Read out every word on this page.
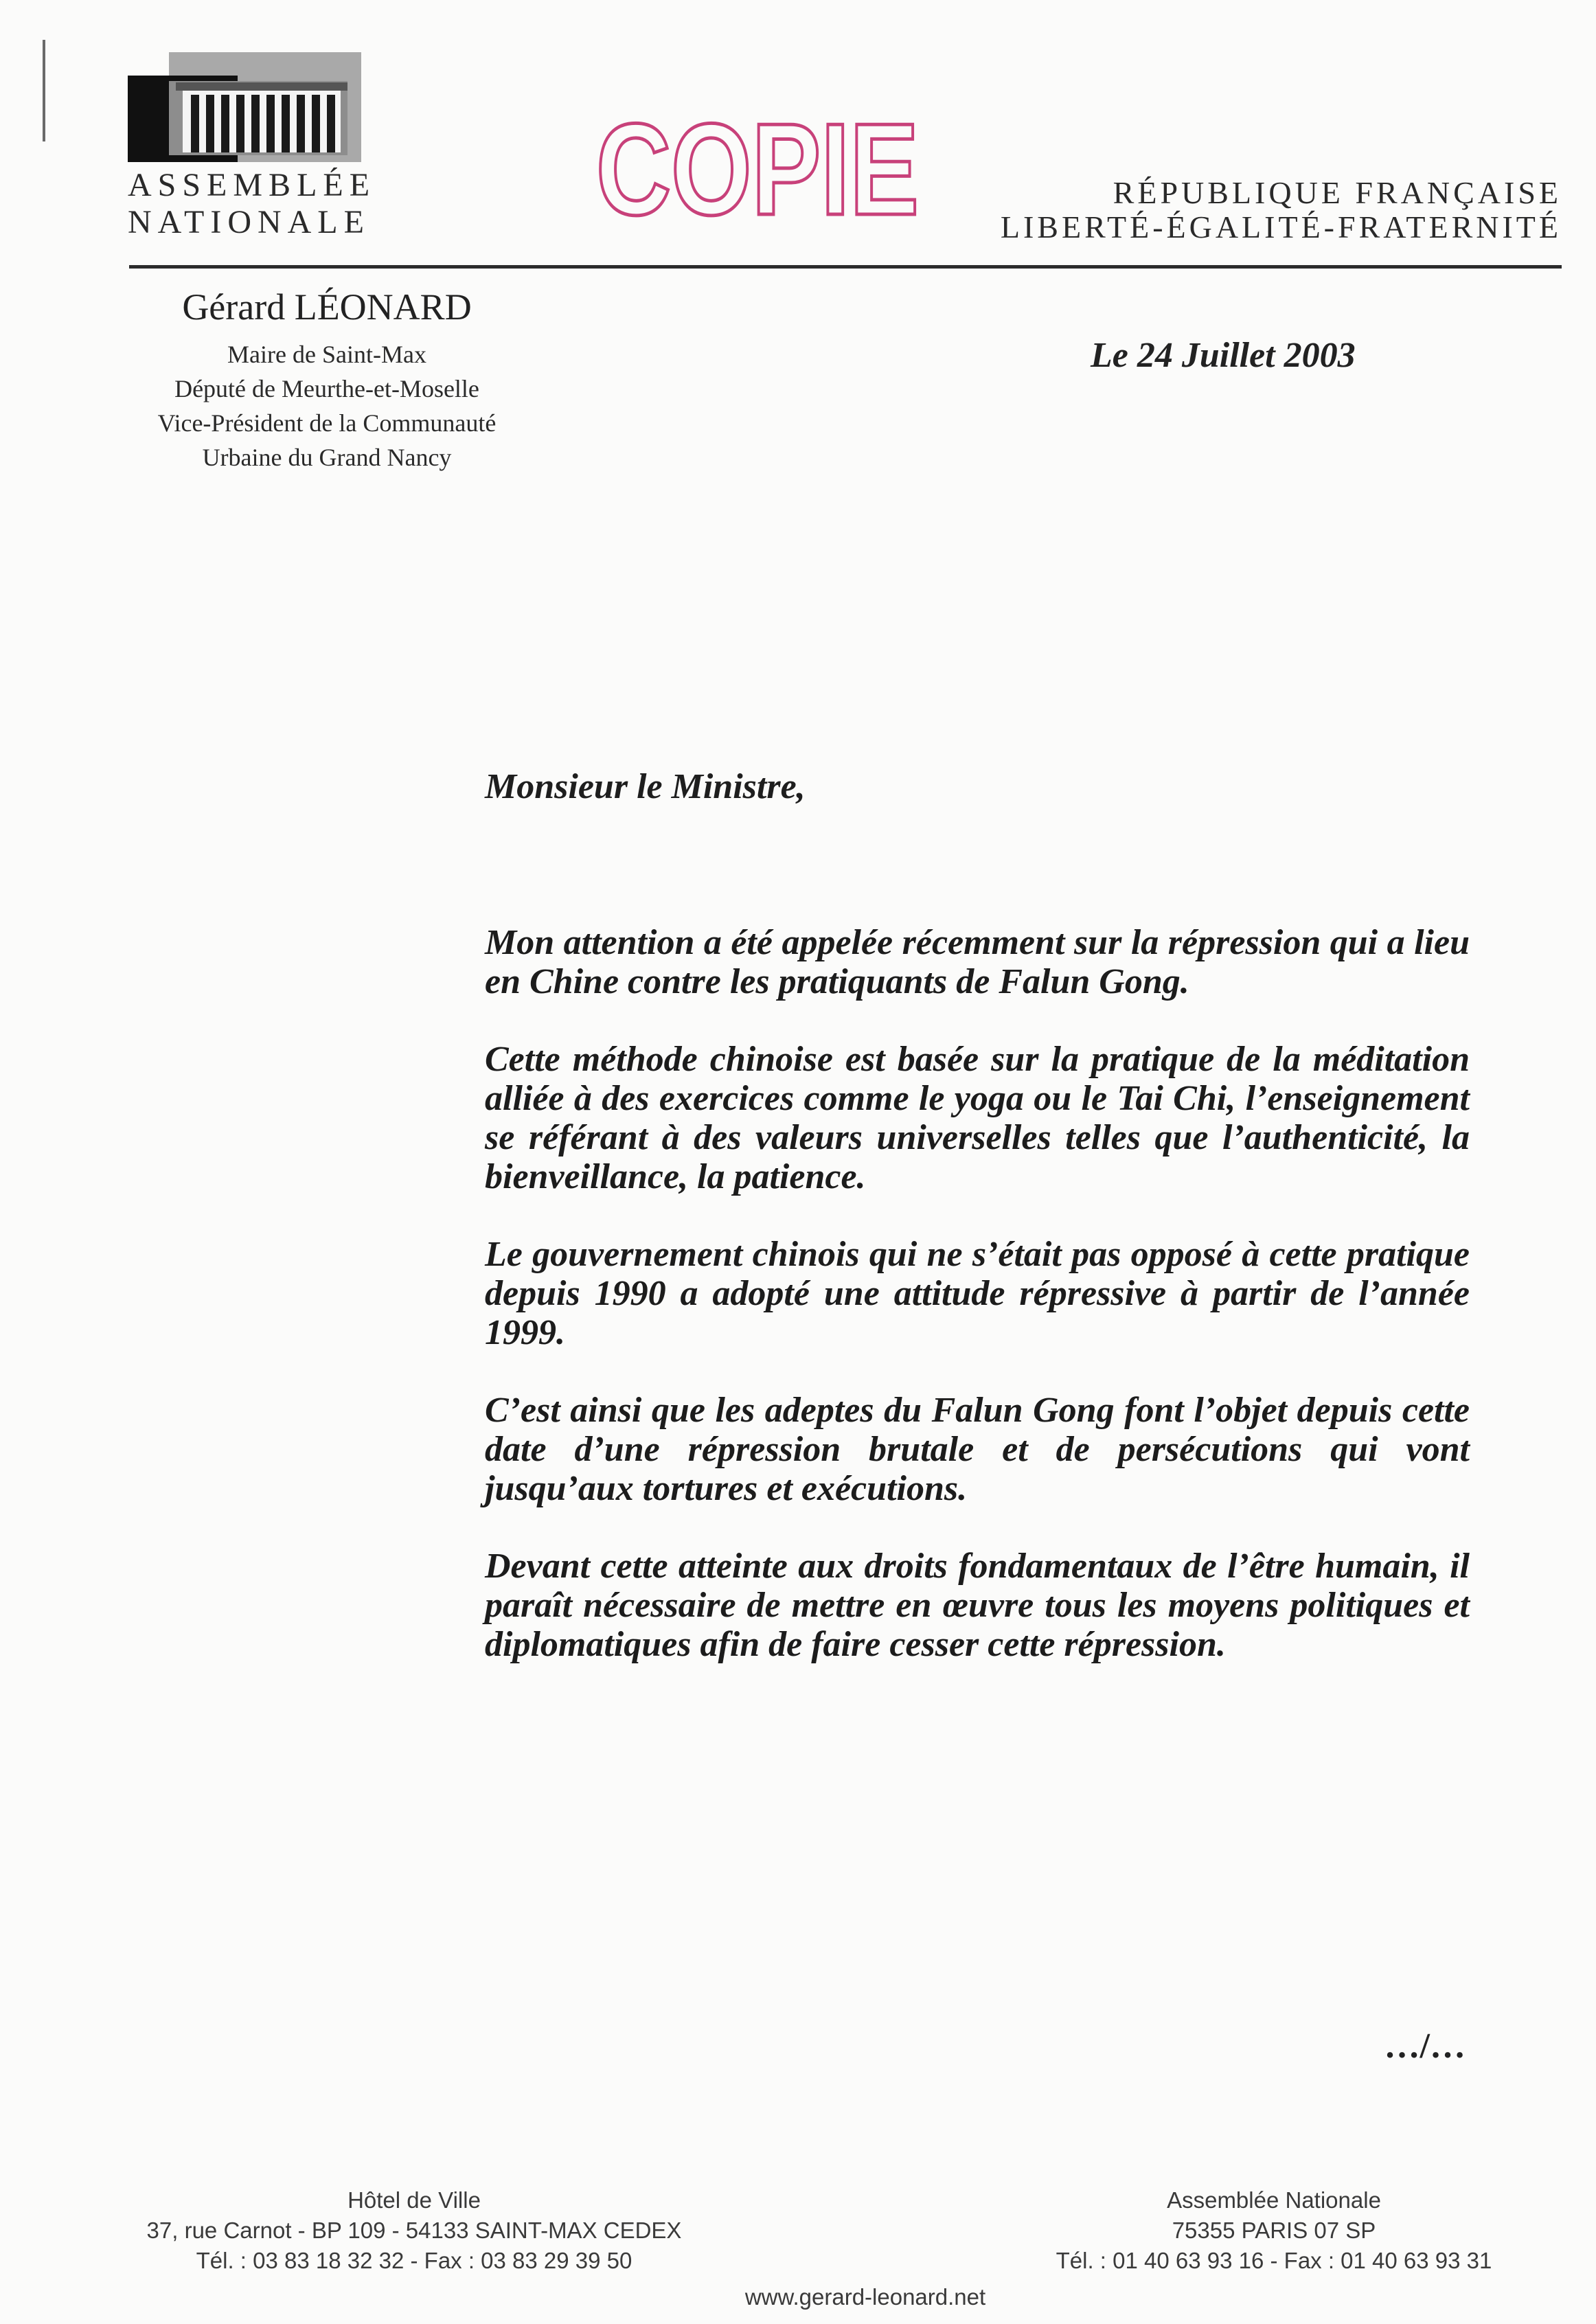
ASSEMBLÉE
NATIONALE COPIE	RÉPUBLIQUE FRANÇAISE
LIBERTÉ-ÉGALITÉ-FRATERNITÉ
Gérard LÉONARD
Maire de Saint-Max
Député de Meurthe-et-Moselle
Vice-Président de la Communauté
Urbaine du Grand Nancy
Le 24 Juillet 2003
Monsieur le Ministre,

Mon attention a été appelée récemment sur la répression qui a lieu en Chine contre les pratiquants de Falun Gong.

Cette méthode chinoise est basée sur la pratique de la méditation alliée à des exercices comme le yoga ou le Tai Chi, l’enseignement se référant à des valeurs universelles telles que l’authenticité, la bienveillance, la patience.

Le gouvernement chinois qui ne s’était pas opposé à cette pratique depuis 1990 a adopté une attitude répressive à partir de l’année 1999.

C’est ainsi que les adeptes du Falun Gong font l’objet depuis cette date d’une répression brutale et de persécutions qui vont jusqu’aux tortures et exécutions.

Devant cette atteinte aux droits fondamentaux de l’être humain, il paraît nécessaire de mettre en œuvre tous les moyens politiques et diplomatiques afin de faire cesser cette répression.

…/…
Hôtel de Ville
37, rue Carnot - BP 109 - 54133 SAINT-MAX CEDEX
Tél. : 03 83 18 32 32 - Fax : 03 83 29 39 50
Assemblée Nationale
75355 PARIS 07 SP
Tél. : 01 40 63 93 16 - Fax : 01 40 63 93 31
www.gerard-leonard.net
